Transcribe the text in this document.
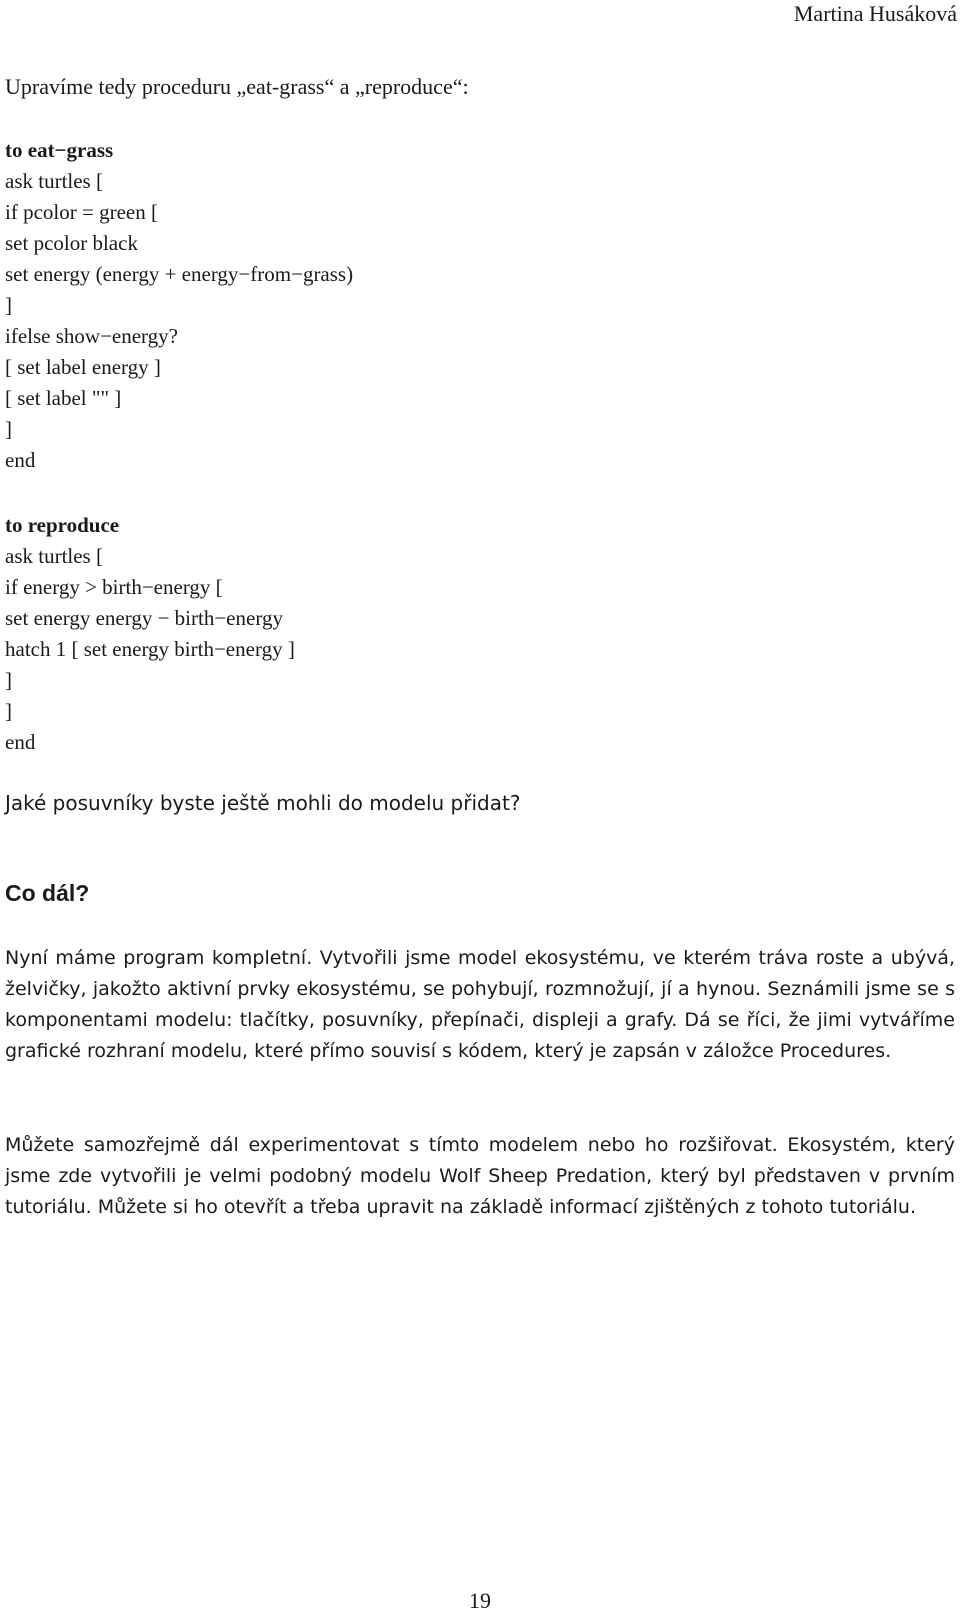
Martina Husáková
Upravíme tedy proceduru „eat-grass“ a „reproduce“:
to eat−grass
ask turtles [
if pcolor = green [
set pcolor black
set energy (energy + energy−from−grass)
]
ifelse show−energy?
[ set label energy ]
[ set label "" ]
]
end
to reproduce
ask turtles [
if energy > birth−energy [
set energy energy − birth−energy
hatch 1 [ set energy birth−energy ]
]
]
end
Jaké posuvníky byste ještě mohli do modelu přidat?
Co dál?

Nyní máme program kompletní. Vytvořili jsme model ekosystému, ve kterém tráva roste a ubývá, želvičky, jakožto aktivní prvky ekosystému, se pohybují, rozmnožují, jí a hynou. Seznámili jsme se s komponentami modelu: tlačítky, posuvníky, přepínači, displeji a grafy. Dá se říci, že jimi vytváříme grafické rozhraní modelu, které přímo souvisí s kódem, který je zapsán v záložce Procedures.

Můžete samozřejmě dál experimentovat s tímto modelem nebo ho rozšiřovat. Ekosystém, který jsme zde vytvořili je velmi podobný modelu Wolf Sheep Predation, který byl představen v prvním tutoriálu. Můžete si ho otevřít a třeba upravit na základě informací zjištěných z tohoto tutoriálu.

19
